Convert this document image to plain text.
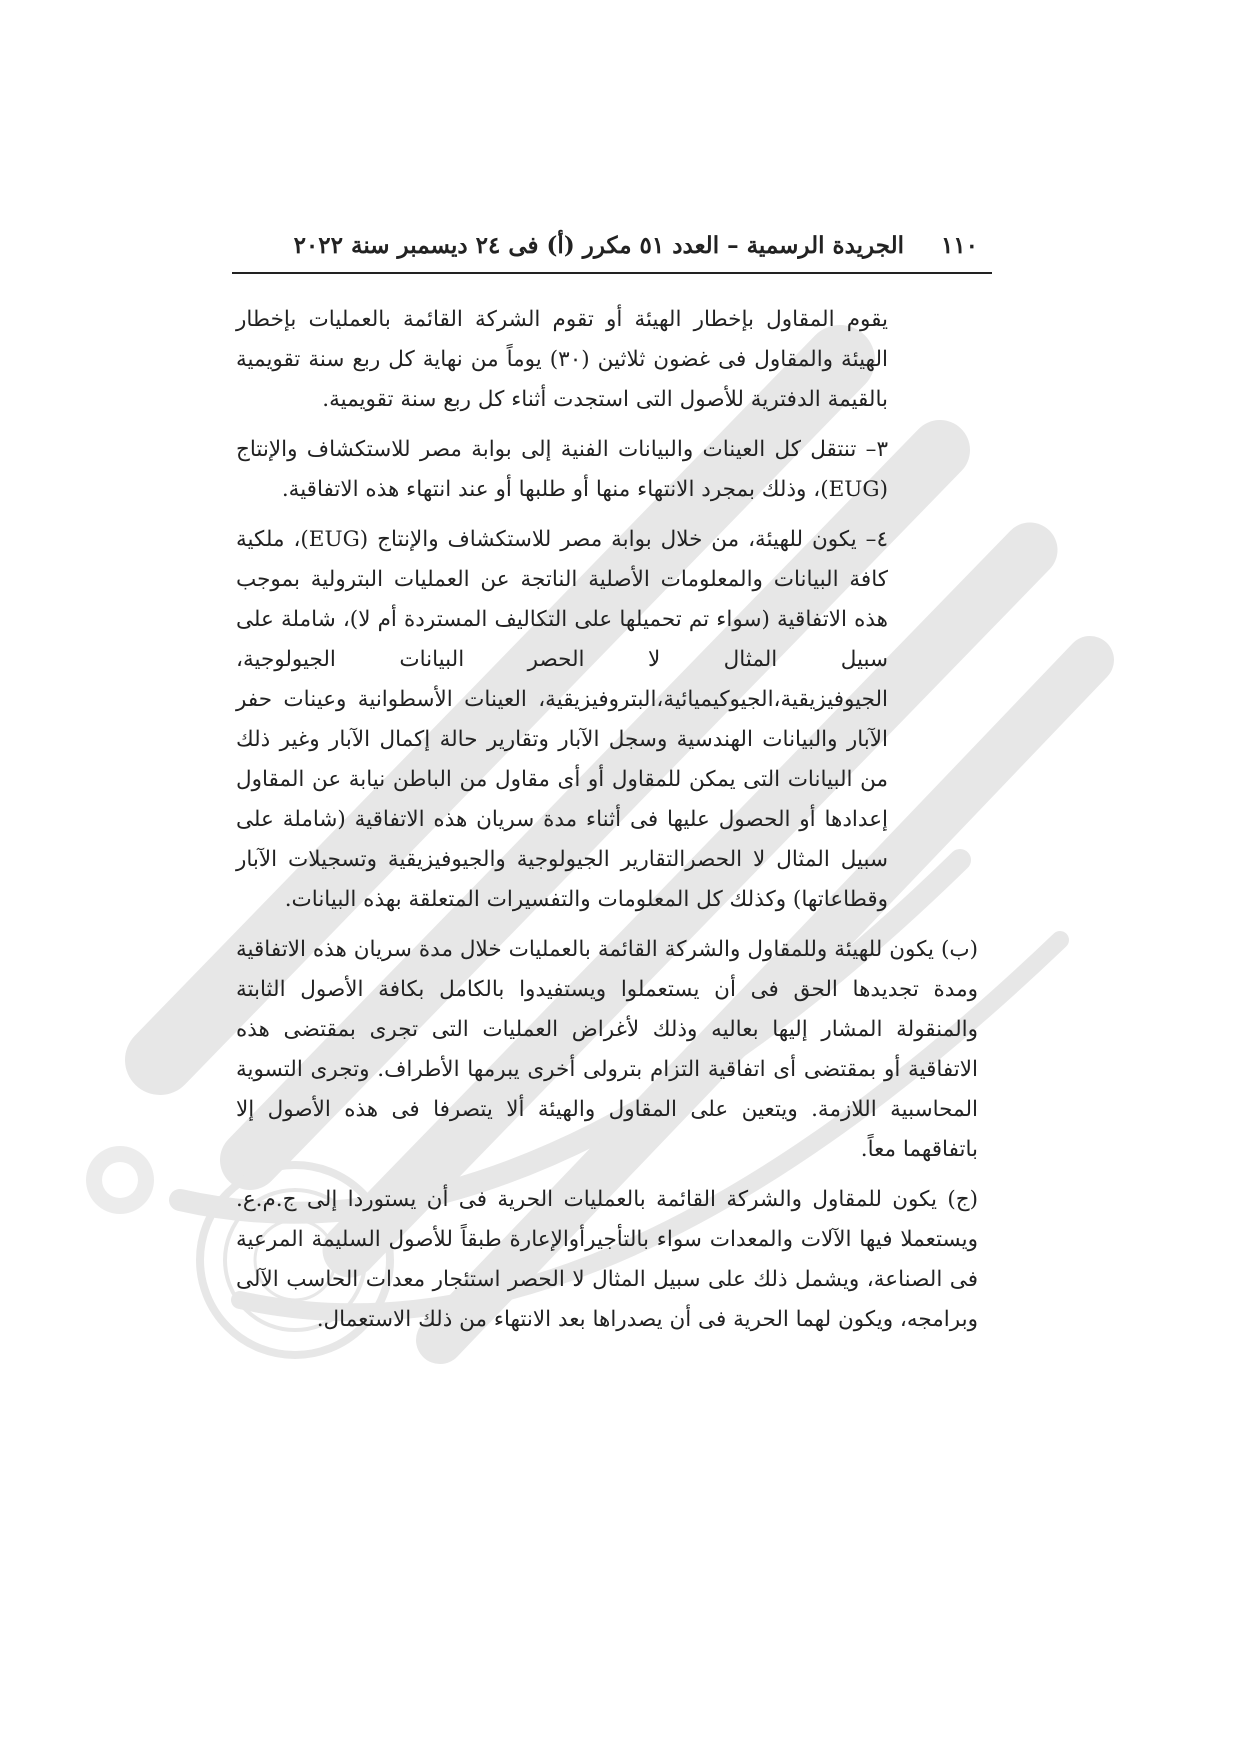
١١٠
الجريدة الرسمية – العدد ٥١ مكرر (أ) فى ٢٤ ديسمبر سنة ٢٠٢٢

يقوم المقاول بإخطار الهيئة أو تقوم الشركة القائمة بالعمليات بإخطار الهيئة والمقاول فى غضون ثلاثين (٣٠) يوماً من نهاية كل ربع سنة تقويمية بالقيمة الدفترية للأصول التى استجدت أثناء كل ربع سنة تقويمية.

٣– تنتقل كل العينات والبيانات الفنية إلى بوابة مصر للاستكشاف والإنتاج (EUG)، وذلك بمجرد الانتهاء منها أو طلبها أو عند انتهاء هذه الاتفاقية.

٤– يكون للهيئة، من خلال بوابة مصر للاستكشاف والإنتاج (EUG)، ملكية كافة البيانات والمعلومات الأصلية الناتجة عن العمليات البترولية بموجب هذه الاتفاقية (سواء تم تحميلها على التكاليف المستردة أم لا)، شاملة على سبيل المثال لا الحصر البيانات الجيولوجية، الجيوفيزيقية،الجيوكيميائية،البتروفيزيقية، العينات الأسطوانية وعينات حفر الآبار والبيانات الهندسية وسجل الآبار وتقارير حالة إكمال الآبار وغير ذلك من البيانات التى يمكن للمقاول أو أى مقاول من الباطن نيابة عن المقاول إعدادها أو الحصول عليها فى أثناء مدة سريان هذه الاتفاقية (شاملة على سبيل المثال لا الحصرالتقارير الجيولوجية والجيوفيزيقية وتسجيلات الآبار وقطاعاتها) وكذلك كل المعلومات والتفسيرات المتعلقة بهذه البيانات.

(ب) يكون للهيئة وللمقاول والشركة القائمة بالعمليات خلال مدة سريان هذه الاتفاقية ومدة تجديدها الحق فى أن يستعملوا ويستفيدوا بالكامل بكافة الأصول الثابتة والمنقولة المشار إليها بعاليه وذلك لأغراض العمليات التى تجرى بمقتضى هذه الاتفاقية أو بمقتضى أى اتفاقية التزام بترولى أخرى يبرمها الأطراف. وتجرى التسوية المحاسبية اللازمة. ويتعين على المقاول والهيئة ألا يتصرفا فى هذه الأصول إلا باتفاقهما معاً.

(ج) يكون للمقاول والشركة القائمة بالعمليات الحرية فى أن يستوردا إلى ج.م.ع. ويستعملا فيها الآلات والمعدات سواء بالتأجيرأوالإعارة طبقاً للأصول السليمة المرعية فى الصناعة، ويشمل ذلك على سبيل المثال لا الحصر استئجار معدات الحاسب الآلى وبرامجه، ويكون لهما الحرية فى أن يصدراها بعد الانتهاء من ذلك الاستعمال.
